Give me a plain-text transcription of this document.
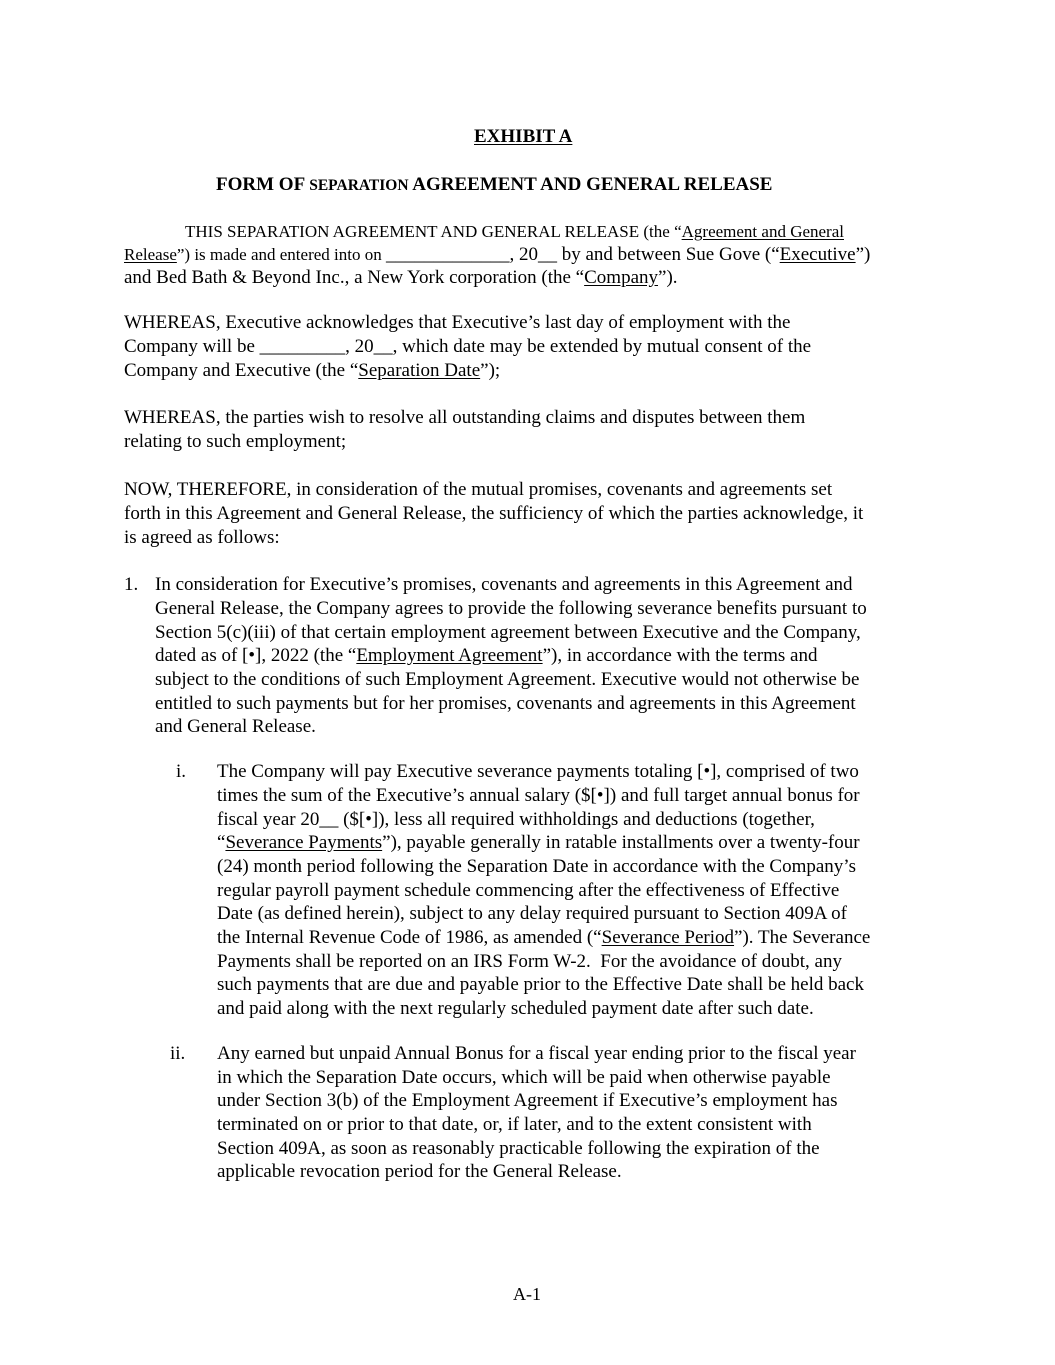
EXHIBIT A
FORM OF SEPARATION AGREEMENT AND GENERAL RELEASE
THIS SEPARATION AGREEMENT AND GENERAL RELEASE (the “Agreement and General
Release”) is made and entered into on _____________, 20__ by and between Sue Gove (“Executive”)
and Bed Bath & Beyond Inc., a New York corporation (the “Company”).
WHEREAS, Executive acknowledges that Executive’s last day of employment with the
Company will be _________, 20__, which date may be extended by mutual consent of the
Company and Executive (the “Separation Date”);
WHEREAS, the parties wish to resolve all outstanding claims and disputes between them
relating to such employment;
NOW, THEREFORE, in consideration of the mutual promises, covenants and agreements set
forth in this Agreement and General Release, the sufficiency of which the parties acknowledge, it
is agreed as follows:
1. In consideration for Executive’s promises, covenants and agreements in this Agreement and
General Release, the Company agrees to provide the following severance benefits pursuant to
Section 5(c)(iii) of that certain employment agreement between Executive and the Company,
dated as of [•], 2022 (the “Employment Agreement”), in accordance with the terms and
subject to the conditions of such Employment Agreement. Executive would not otherwise be
entitled to such payments but for her promises, covenants and agreements in this Agreement
and General Release.
i. The Company will pay Executive severance payments totaling [•], comprised of two
times the sum of the Executive’s annual salary ($[•]) and full target annual bonus for
fiscal year 20__ ($[•]), less all required withholdings and deductions (together,
“Severance Payments”), payable generally in ratable installments over a twenty-four
(24) month period following the Separation Date in accordance with the Company’s
regular payroll payment schedule commencing after the effectiveness of Effective
Date (as defined herein), subject to any delay required pursuant to Section 409A of
the Internal Revenue Code of 1986, as amended (“Severance Period”). The Severance
Payments shall be reported on an IRS Form W-2.  For the avoidance of doubt, any
such payments that are due and payable prior to the Effective Date shall be held back
and paid along with the next regularly scheduled payment date after such date.
ii. Any earned but unpaid Annual Bonus for a fiscal year ending prior to the fiscal year
in which the Separation Date occurs, which will be paid when otherwise payable
under Section 3(b) of the Employment Agreement if Executive’s employment has
terminated on or prior to that date, or, if later, and to the extent consistent with
Section 409A, as soon as reasonably practicable following the expiration of the
applicable revocation period for the General Release.
A-1
